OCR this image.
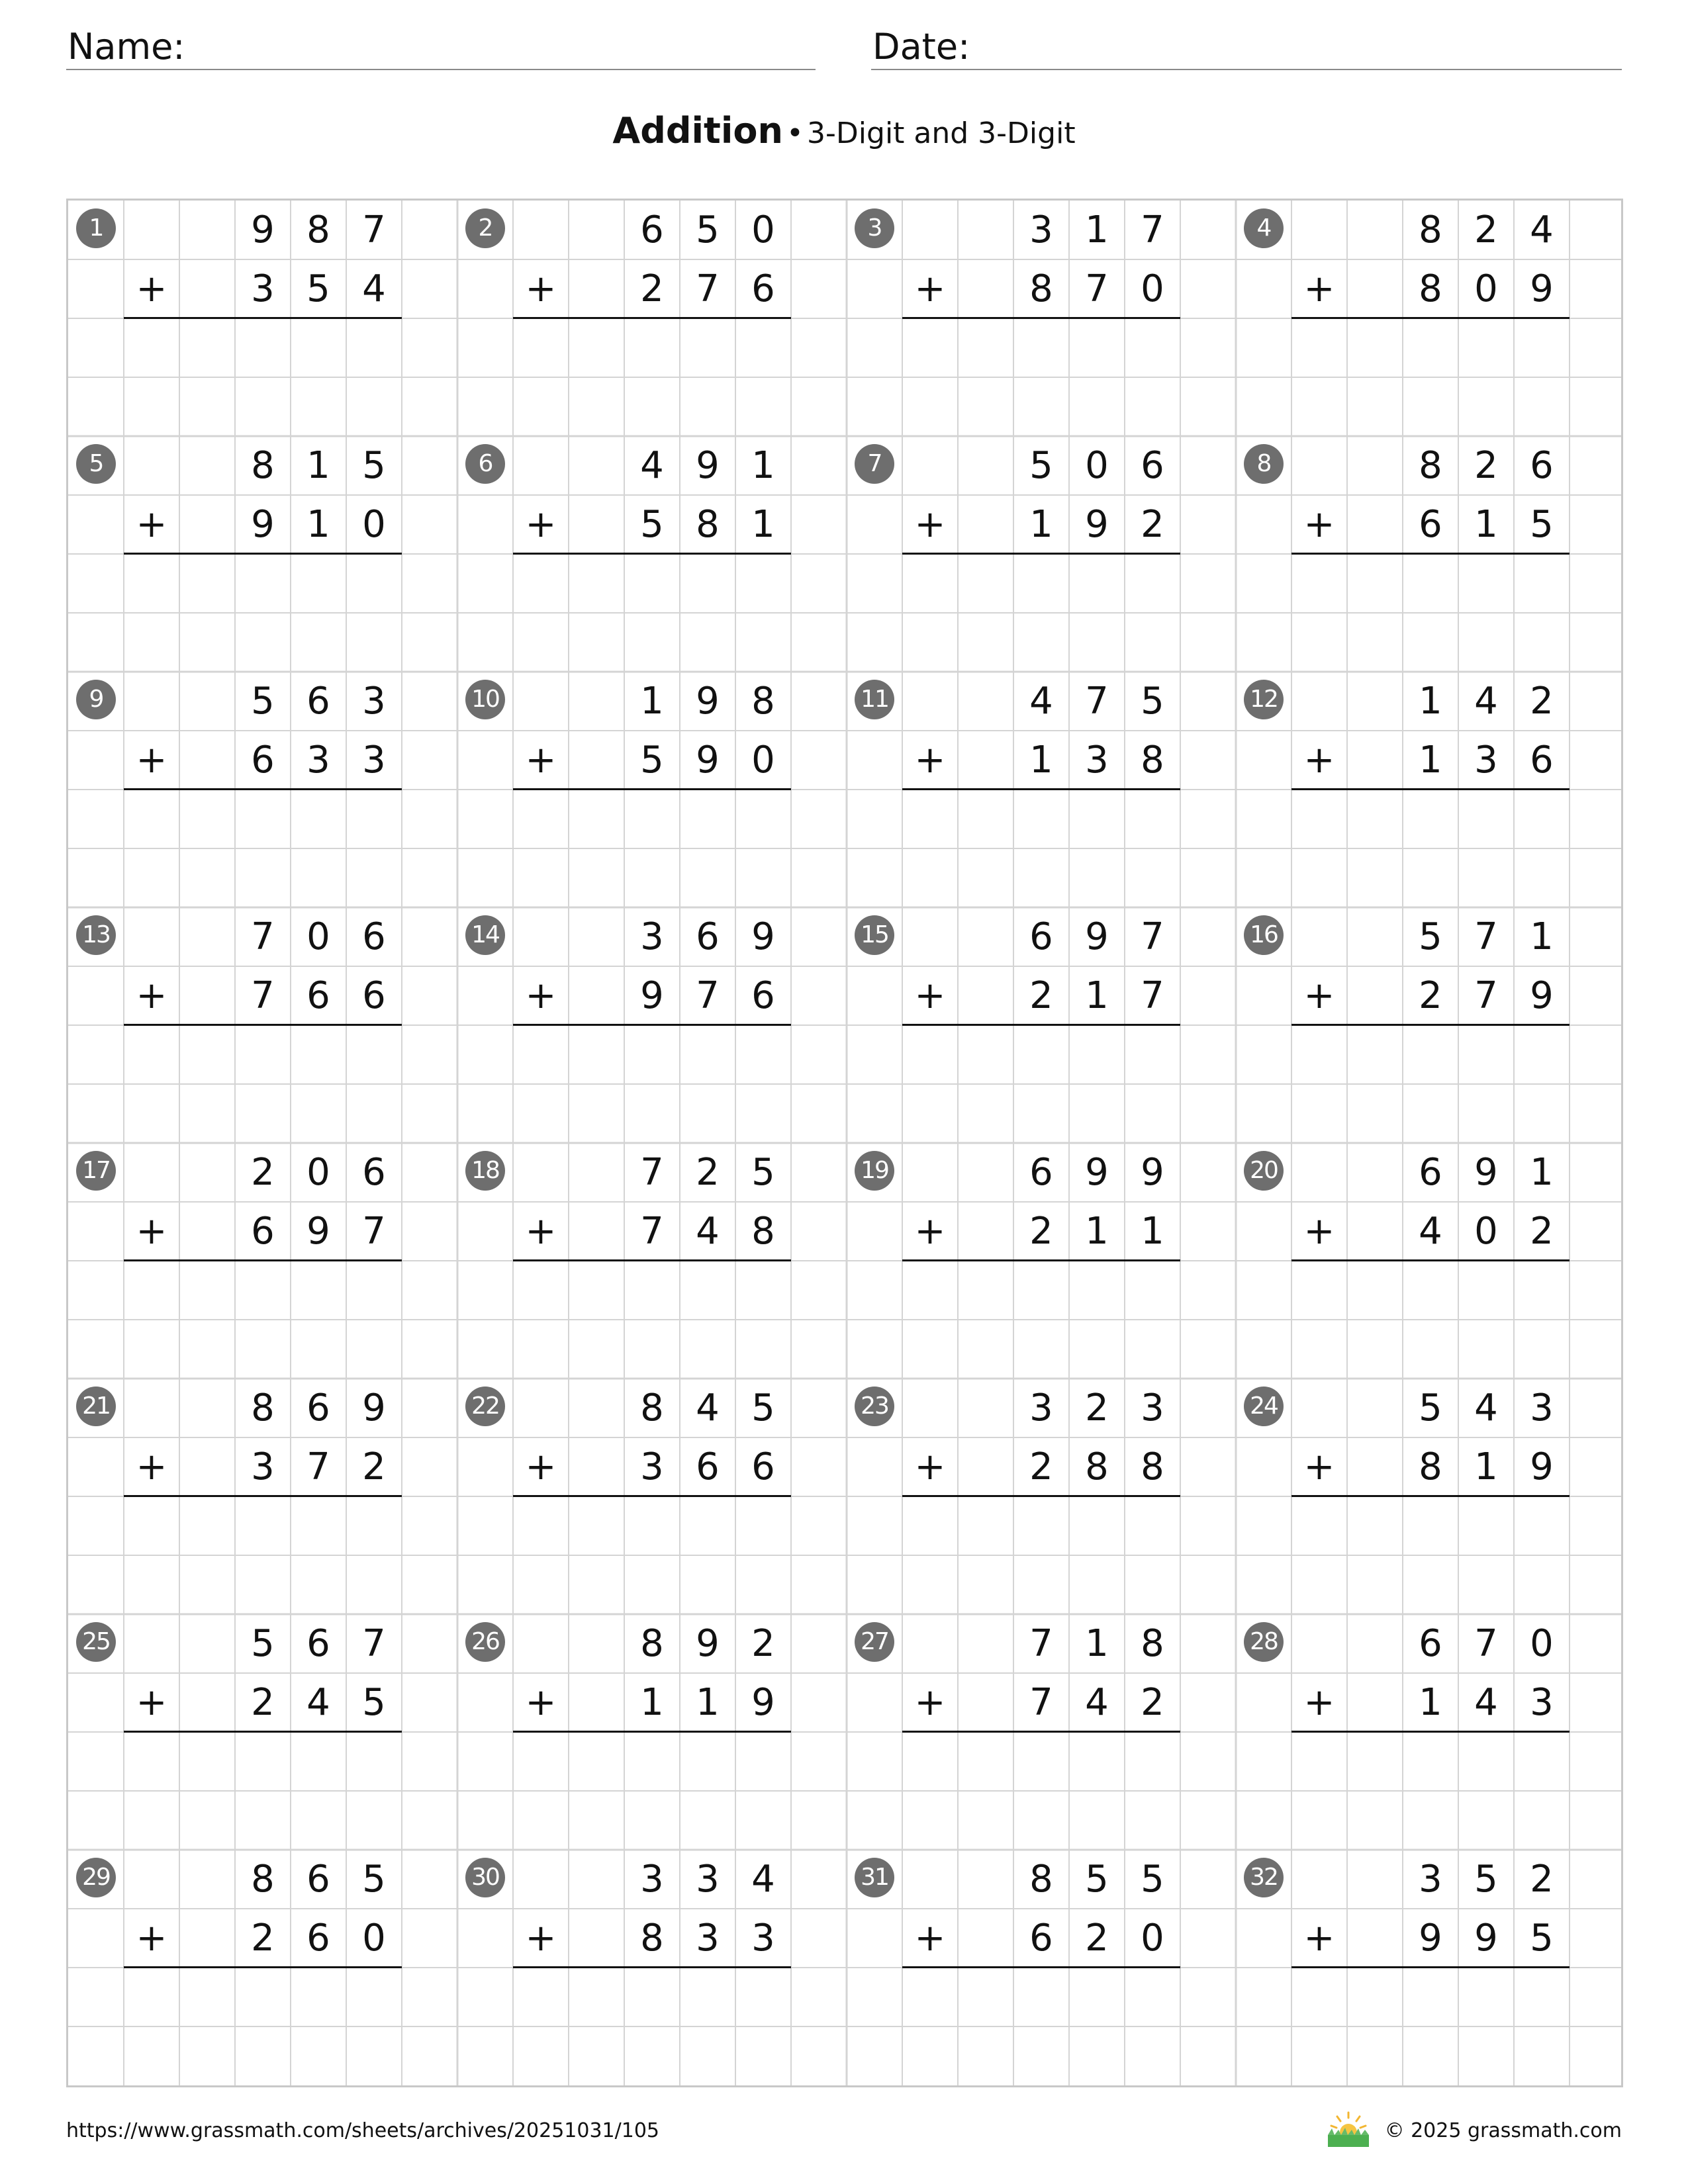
Name:	Date:
Addition • 3-Digit and 3-Digit
1	9 8 7
3 5 4
+
2	6 5 0
2 7 6
+
3	3 1 7
8 7 0
+
4	8 2 4
8 0 9
+
5	8 1 5
9 1 0
+
6	4 9 1
5 8 1
+
7	5 0 6
1 9 2
+
8	8 2 6
6 1 5
+
9	5 6 3
6 3 3
+
10	1 9 8
5 9 0
+
11	4 7 5
1 3 8
+
12	1 4 2
1 3 6
+
13	7 0 6
7 6 6
+
14	3 6 9
9 7 6
+
15	6 9 7
2 1 7
+
16	5 7 1
2 7 9
+
17	2 0 6
6 9 7
+
18	7 2 5
7 4 8
+
19	6 9 9
2 1 1
+
20	6 9 1
4 0 2
+
21	8 6 9
3 7 2
+
22	8 4 5
3 6 6
+
23	3 2 3
2 8 8
+
24	5 4 3
8 1 9
+
25	5 6 7
2 4 5
+
26	8 9 2
1 1 9
+
27	7 1 8
7 4 2
+
28	6 7 0
1 4 3
+
29	8 6 5
2 6 0
+
30	3 3 4
8 3 3
+
31	8 5 5
6 2 0
+
32	3 5 2
9 9 5
+
https://www.grassmath.com/sheets/archives/20251031/105	© 2025 grassmath.com
